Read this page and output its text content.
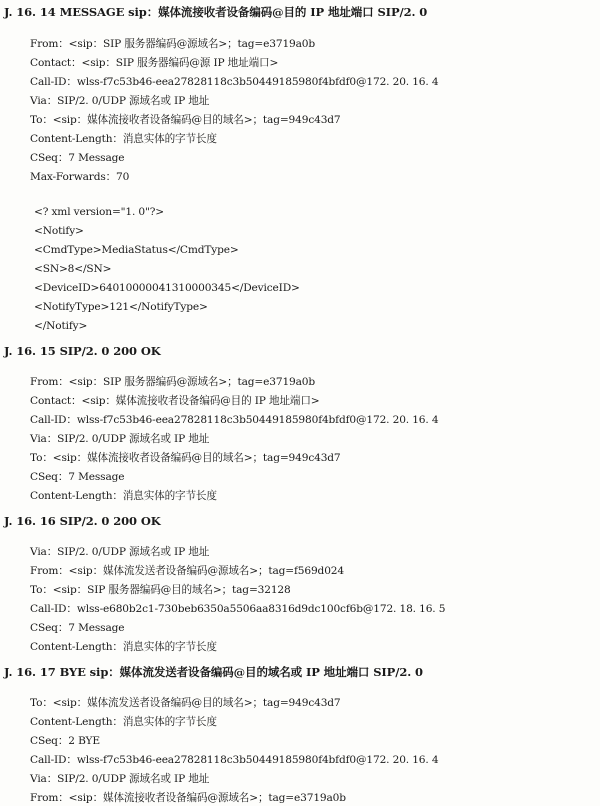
J. 16. 14 MESSAGE sip：媒体流接收者设备编码@目的 IP 地址端口 SIP/2. 0
From：<sip：SIP 服务器编码@源域名>；tag=e3719a0b
Contact：<sip：SIP 服务器编码@源 IP 地址端口>
Call-ID：wlss-f7c53b46-eea27828118c3b50449185980f4bfdf0@172. 20. 16. 4
Via：SIP/2. 0/UDP 源域名或 IP 地址
To：<sip：媒体流接收者设备编码@目的域名>；tag=949c43d7
Content-Length：消息实体的字节长度
CSeq：7 Message
Max-Forwards：70
<? xml version="1. 0"?>
<Notify>
<CmdType>MediaStatus</CmdType>
<SN>8</SN>
<DeviceID>64010000041310000345</DeviceID>
<NotifyType>121</NotifyType>
</Notify>
J. 16. 15 SIP/2. 0 200 OK
From：<sip：SIP 服务器编码@源域名>；tag=e3719a0b
Contact：<sip：媒体流接收者设备编码@目的 IP 地址端口>
Call-ID：wlss-f7c53b46-eea27828118c3b50449185980f4bfdf0@172. 20. 16. 4
Via：SIP/2. 0/UDP 源域名或 IP 地址
To：<sip：媒体流接收者设备编码@目的域名>；tag=949c43d7
CSeq：7 Message
Content-Length：消息实体的字节长度
J. 16. 16 SIP/2. 0 200 OK
Via：SIP/2. 0/UDP 源域名或 IP 地址
From：<sip：媒体流发送者设备编码@源域名>；tag=f569d024
To：<sip：SIP 服务器编码@目的域名>；tag=32128
Call-ID：wlss-e680b2c1-730beb6350a5506aa8316d9dc100cf6b@172. 18. 16. 5
CSeq：7 Message
Content-Length：消息实体的字节长度
J. 16. 17 BYE sip：媒体流发送者设备编码@目的域名或 IP 地址端口 SIP/2. 0
To：<sip：媒体流发送者设备编码@目的域名>；tag=949c43d7
Content-Length：消息实体的字节长度
CSeq：2 BYE
Call-ID：wlss-f7c53b46-eea27828118c3b50449185980f4bfdf0@172. 20. 16. 4
Via：SIP/2. 0/UDP 源域名或 IP 地址
From：<sip：媒体流接收者设备编码@源域名>；tag=e3719a0b
